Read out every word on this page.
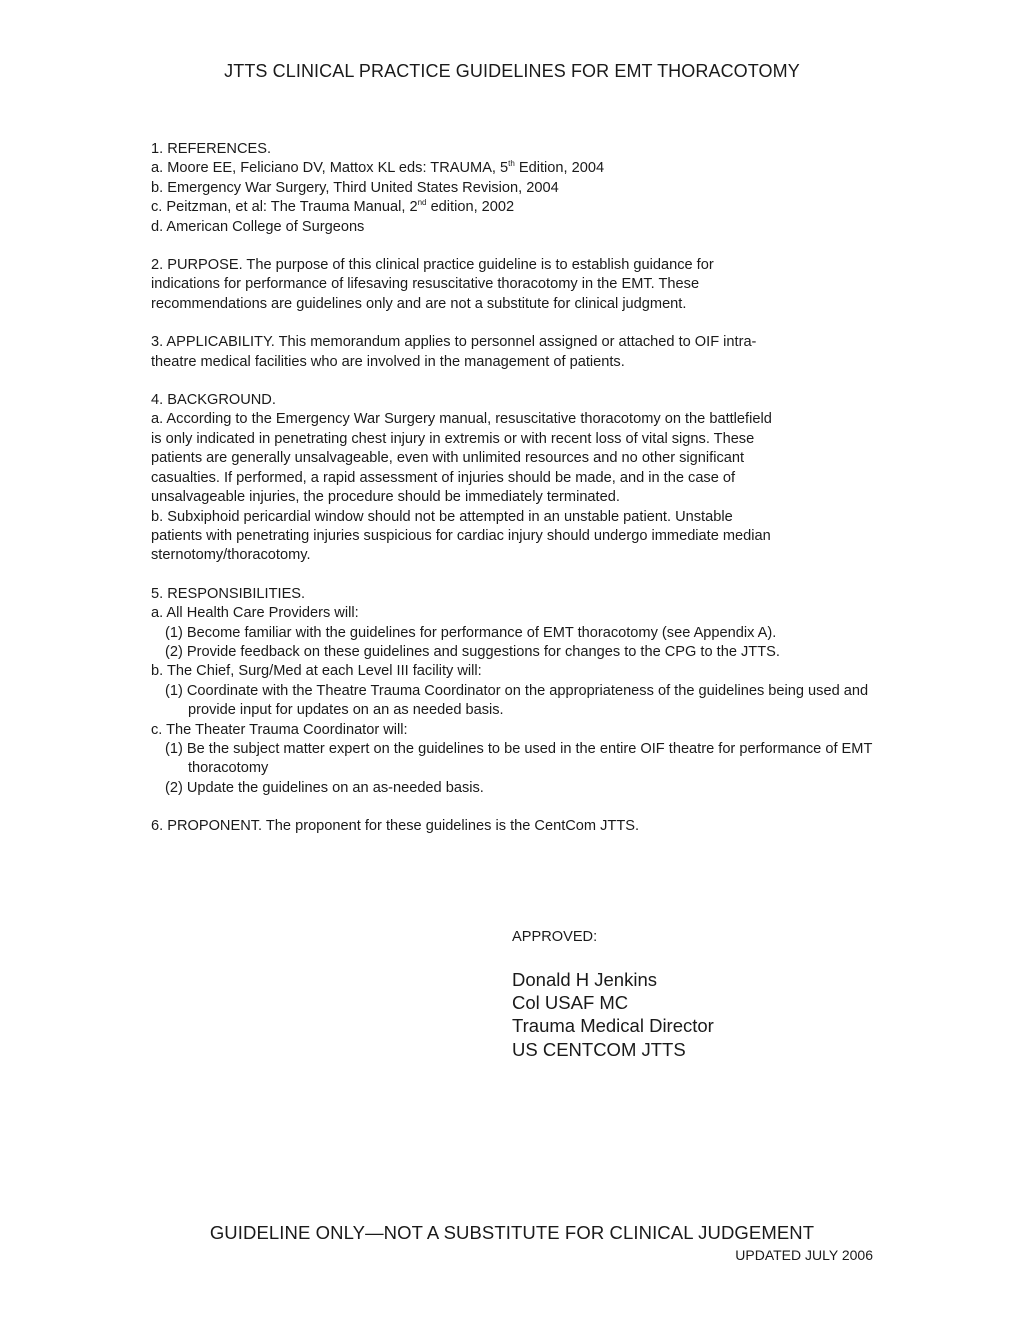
JTTS CLINICAL PRACTICE GUIDELINES FOR EMT THORACOTOMY

1. REFERENCES.

a. Moore EE, Feliciano DV, Mattox KL eds: TRAUMA, 5th Edition, 2004

b. Emergency War Surgery, Third United States Revision, 2004

c. Peitzman, et al: The Trauma Manual, 2nd edition, 2002

d. American College of Surgeons

2. PURPOSE. The purpose of this clinical practice guideline is to establish guidance for

indications for performance of lifesaving resuscitative thoracotomy in the EMT. These

recommendations are guidelines only and are not a substitute for clinical judgment.

3. APPLICABILITY. This memorandum applies to personnel assigned or attached to OIF intra-

theatre medical facilities who are involved in the management of patients.

4. BACKGROUND.

a. According to the Emergency War Surgery manual, resuscitative thoracotomy on the battlefield

is only indicated in penetrating chest injury in extremis or with recent loss of vital signs. These

patients are generally unsalvageable, even with unlimited resources and no other significant

casualties. If performed, a rapid assessment of injuries should be made, and in the case of

unsalvageable injuries, the procedure should be immediately terminated.

b. Subxiphoid pericardial window should not be attempted in an unstable patient. Unstable

patients with penetrating injuries suspicious for cardiac injury should undergo immediate median

sternotomy/thoracotomy.

5. RESPONSIBILITIES.

a. All Health Care Providers will:

(1) Become familiar with the guidelines for performance of EMT thoracotomy (see Appendix A).

(2) Provide feedback on these guidelines and suggestions for changes to the CPG to the JTTS.

b. The Chief, Surg/Med at each Level III facility will:

(1) Coordinate with the Theatre Trauma Coordinator on the appropriateness of the guidelines being used and provide input for updates on an as needed basis.

c. The Theater Trauma Coordinator will:

(1) Be the subject matter expert on the guidelines to be used in the entire OIF theatre for performance of EMT thoracotomy

(2) Update the guidelines on an as-needed basis.

6. PROPONENT. The proponent for these guidelines is the CentCom JTTS.

APPROVED:

Donald H Jenkins

Col USAF MC

Trauma Medical Director

US CENTCOM JTTS

GUIDELINE ONLY—NOT A SUBSTITUTE FOR CLINICAL JUDGEMENT
UPDATED JULY 2006
